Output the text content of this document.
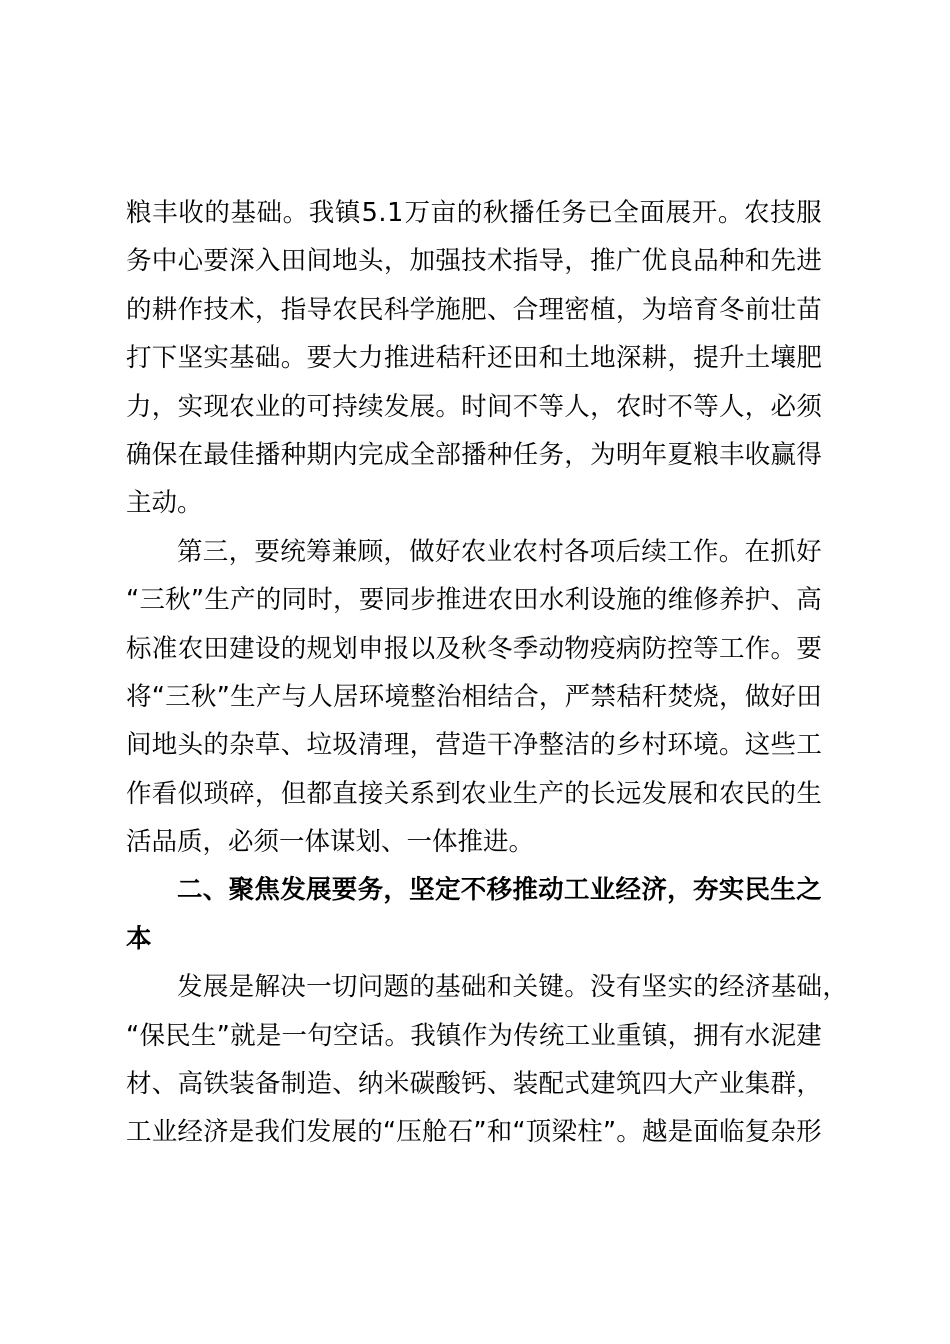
粮 丰 收 的 基 础 。 我 镇 5 . 1 万 亩 的 秋 播 任 务 已 全 面 展 开 。 农 技 服
务 中 心 要 深 入 田 间 地 头 ， 加 强 技 术 指 导 ， 推 广 优 良 品 种 和 先 进
的 耕 作 技 术 ， 指 导 农 民 科 学 施 肥 、 合 理 密 植 ， 为 培 育 冬 前 壮 苗
打 下 坚 实 基 础 。 要 大 力 推 进 秸 秆 还 田 和 土 地 深 耕 ， 提 升 土 壤 肥
力 ， 实 现 农 业 的 可 持 续 发 展 。 时 间 不 等 人 ， 农 时 不 等 人 ， 必 须
确 保 在 最 佳 播 种 期 内 完 成 全 部 播 种 任 务 ， 为 明 年 夏 粮 丰 收 赢 得
主动。
第 三 ， 要 统 筹 兼 顾 ， 做 好 农 业 农 村 各 项 后 续 工 作 。 在 抓 好
“ 三 秋 ” 生 产 的 同 时 ， 要 同 步 推 进 农 田 水 利 设 施 的 维 修 养 护 、 高
标 准 农 田 建 设 的 规 划 申 报 以 及 秋 冬 季 动 物 疫 病 防 控 等 工 作 。 要
将 “ 三 秋 ” 生 产 与 人 居 环 境 整 治 相 结 合 ， 严 禁 秸 秆 焚 烧 ， 做 好 田
间 地 头 的 杂 草 、 垃 圾 清 理 ， 营 造 干 净 整 洁 的 乡 村 环 境 。 这 些 工
作 看 似 琐 碎 ， 但 都 直 接 关 系 到 农 业 生 产 的 长 远 发 展 和 农 民 的 生
活品质，必须一体谋划、一体推进。
二 、 聚 焦 发 展 要 务 ， 坚 定 不 移 推 动 工 业 经 济 ， 夯 实 民 生 之
本
发 展 是 解 决 一 切 问 题 的 基 础 和 关 键 。 没 有 坚 实 的 经 济 基 础 ，
“ 保 民 生 ” 就 是 一 句 空 话 。 我 镇 作 为 传 统 工 业 重 镇 ， 拥 有 水 泥 建
材 、 高 铁 装 备 制 造 、 纳 米 碳 酸 钙 、 装 配 式 建 筑 四 大 产 业 集 群 ，
工 业 经 济 是 我 们 发 展 的 “ 压 舱 石 ” 和 “ 顶 梁 柱 ” 。 越 是 面 临 复 杂 形
